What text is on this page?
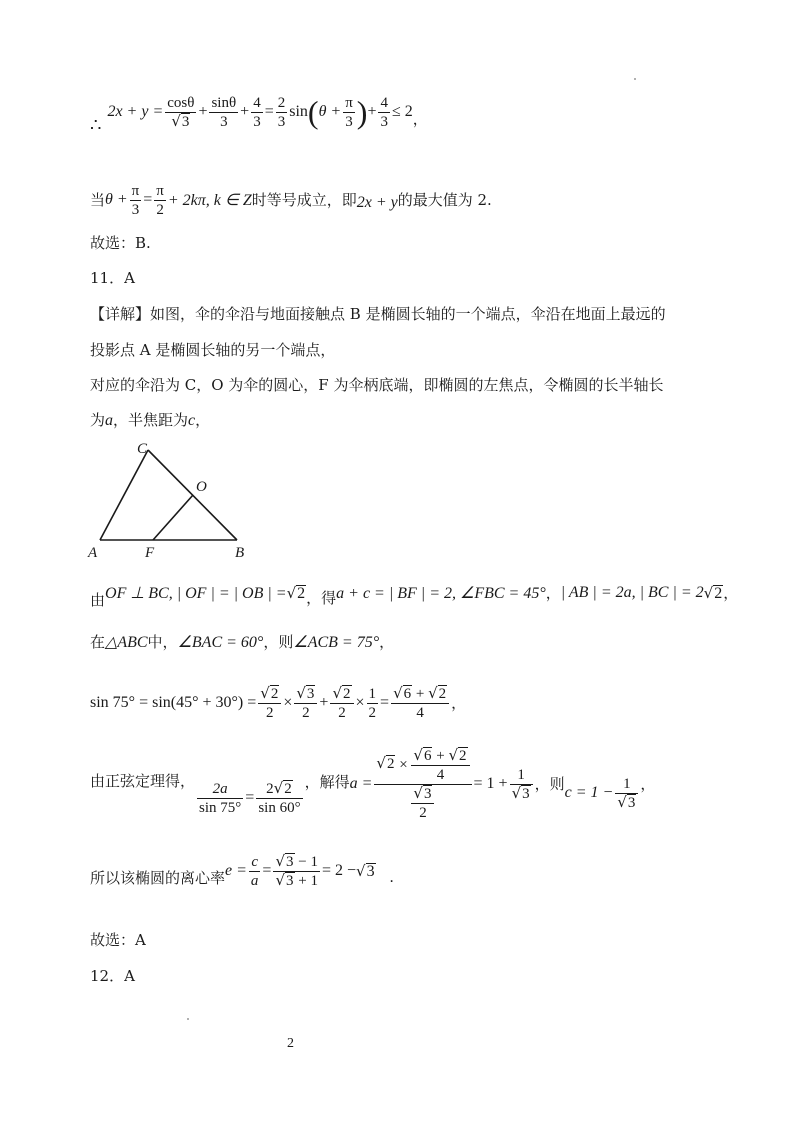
∴
2x + y = cosθ
√ $3 + \frac{\sin\theta}{3} + \frac{4}{3} = \frac{2}{3}$ sin ( $\theta + \frac{\pi}{3}$ ) + $\frac{4}{3} \le 2$ ，
当 $\theta + \frac{\pi}{3} = \frac{\pi}{2} + 2k\pi$, k ∈ Z 时等号成立，即 2x + y 的最大值为 2.
故选：B.
11．A
【详解】如图，伞的伞沿与地面接触点 B 是椭圆长轴的一个端点，伞沿在地面上最远的
投影点 A 是椭圆长轴的另一个端点，
对应的伞沿为 C，O 为伞的圆心，F 为伞柄底端，即椭圆的左焦点，令椭圆的长半轴长
为a，半焦距为c，
C
O
A	F	B
由 OF ⊥ BC, | OF | = | OB | =
√ 2 ，得 a + c = | BF | = 2, ∠FBC = 45° ， | AB | = 2a, | BC | = 2
√ 2 ，
在 △ABC 中， ∠BAC = 60° ，则 ∠ACB = 75° ，
sin 75° = sin(45° + 30°) =
√ $\frac{2}{2}$ ×
√ $\frac{3}{2}$ +
√ $\frac{2}{2} \times \frac{1}{2}$ =
√ 6 +
√ 2
4 ，
由正弦定理得， $\frac{2a}{\sin 75^\circ} = 2$
√ 2
sin 60° ，解得 a =
√ 2 ×
√ 6 +
√ 2
4
√ $\frac{3}{2} = 1 + 1$
√ 3 ，则 c = 1 − 1
√ 3 ，
所以该椭圆的离心率 $e = \frac{c}{a}$ =
√ 3 − 1
√ 3 + 1 = 2 −
√ 3 .
故选：A
12．A
2
